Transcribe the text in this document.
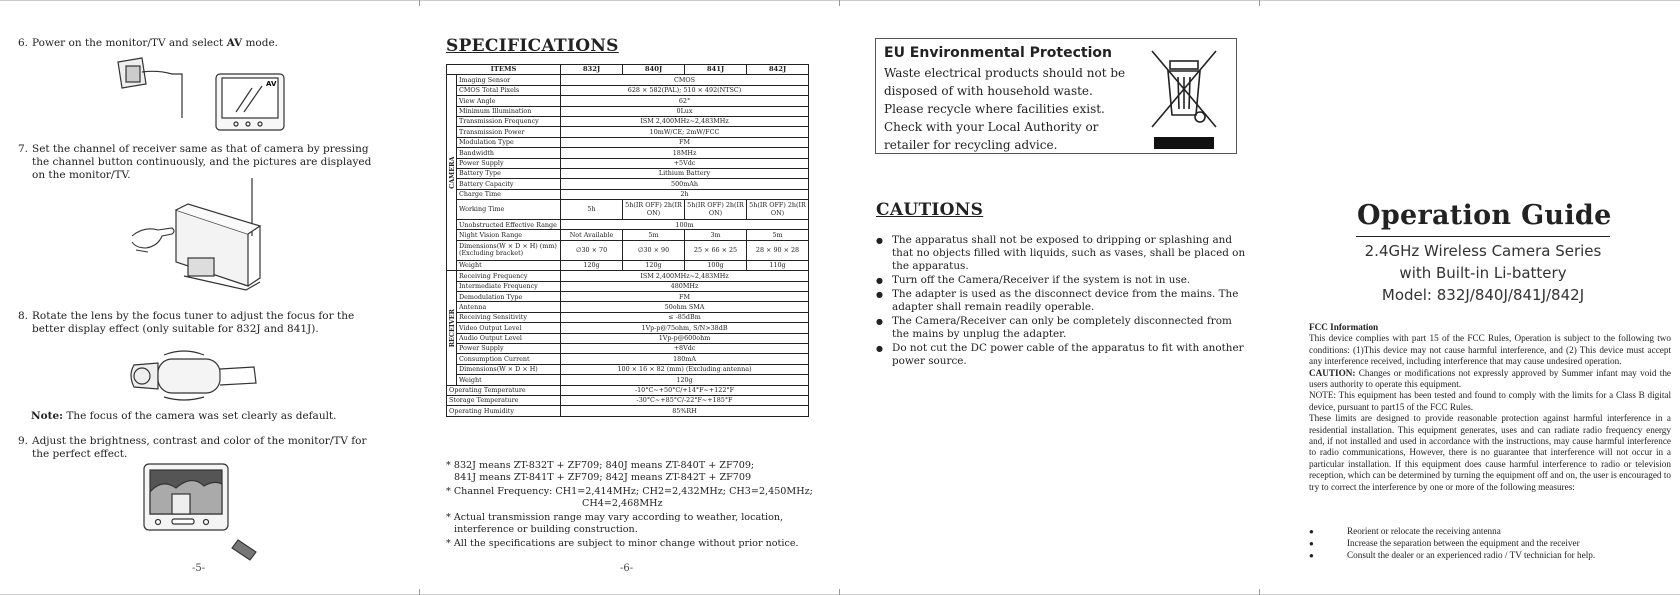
6. Power on the monitor/TV and select AV mode.
AV
7. Set the channel of receiver same as that of camera by pressing the channel button continuously, and the pictures are displayed on the monitor/TV.
8. Rotate the lens by the focus tuner to adjust the focus for the better display effect (only suitable for 832J and 841J).
Note: The focus of the camera was set clearly as default.
9. Adjust the brightness, contrast and color of the monitor/TV for the perfect effect.
-5-
SPECIFICATIONS
ITEMS		832J	840J	841J	842J
CAMERA	Imaging Sensor	CMOS			
	CMOS Total Pixels	628 × 582(PAL); 510 × 492(NTSC)			
	View Angle	62°			
	Minimum Illumination	0Lux			
	Transmission Frequency	ISM 2,400MHz~2,483MHz			
	Transmission Power	10mW/CE; 2mW/FCC			
	Modulation Type	FM			
	Bandwidth	18MHz			
	Power Supply	+5Vdc			
	Battery Type	Lithium Battery			
	Battery Capacity	500mAh			
	Charge Time	2h			
	Working Time	5h	5h(IR OFF) 2h(IR ON)	5h(IR OFF) 2h(IR ON)	5h(IR OFF) 2h(IR ON)
	Unobstructed Effective Range	100m			
	Night Vision Range	Not Available	5m	3m	5m
	Dimensions(W × D × H) (mm) (Excluding bracket)	∅30 × 70	∅30 × 90	25 × 66 × 25	28 × 90 × 28
	Weight	120g	120g	100g	110g
RECEIVER	Receiving Frequency	ISM 2,400MHz~2,483MHz			
	Intermediate Frequency	480MHz			
	Demodulation Type	FM			
	Antenna	50ohm SMA			
	Receiving Sensitivity	≤ -85dBm			
	Video Output Level	1Vp-p@75ohm, S/N>38dB			
	Audio Output Level	1Vp-p@600ohm			
	Power Supply	+8Vdc			
	Consumption Current	180mA			
	Dimensions(W × D × H)	100 × 16 × 82 (mm) (Excluding antenna)			
	Weight	120g			
Operating Temperature		-10°C~+50°C/+14°F~+122°F			
Storage Temperature		-30°C~+85°C/-22°F~+185°F			
Operating Humidity		85%RH			
* 832J means ZT-832T + ZF709; 840J means ZT-840T + ZF709;
841J means ZT-841T + ZF709; 842J means ZT-842T + ZF709
* Channel Frequency: CH1=2,414MHz; CH2=2,432MHz; CH3=2,450MHz;
CH4=2,468MHz
* Actual transmission range may vary according to weather, location,
interference or building construction.
* All the specifications are subject to minor change without prior notice.
-6-
EU Environmental Protection
Waste electrical products should not be disposed of with household waste. Please recycle where facilities exist. Check with your Local Authority or retailer for recycling advice.
CAUTIONS
● The apparatus shall not be exposed to dripping or splashing and that no objects filled with liquids, such as vases, shall be placed on the apparatus.
● Turn off the Camera/Receiver if the system is not in use.
● The adapter is used as the disconnect device from the mains. The adapter shall remain readily operable.
● The Camera/Receiver can only be completely disconnected from the mains by unplug the adapter.
● Do not cut the DC power cable of the apparatus to fit with another power source.
Operation Guide
2.4GHz Wireless Camera Series
with Built-in Li-battery
Model: 832J/840J/841J/842J
FCC Information
This device complies with part 15 of the FCC Rules, Operation is subject to the following two conditions: (1)This device may not cause harmful interference, and (2) This device must accept any interference received, including interference that may cause undesired operation.
CAUTION: Changes or modifications not expressly approved by Summer infant may void the users authority to operate this equipment.
NOTE: This equipment has been tested and found to comply with the limits for a Class B digital device, pursuant to part15 of the FCC Rules.
These limits are designed to provide reasonable protection against harmful interference in a residential installation. This equipment generates, uses and can radiate radio frequency energy and, if not installed and used in accordance with the instructions, may cause harmful interference to radio communications, However, there is no guarantee that interference will not occur in a particular installation. If this equipment does cause harmful interference to radio or television reception, which can be determined by turning the equipment off and on, the user is encouraged to try to correct the interference by one or more of the following measures:
● Reorient or relocate the receiving antenna
● Increase the separation between the equipment and the receiver
● Consult the dealer or an experienced radio / TV technician for help.
